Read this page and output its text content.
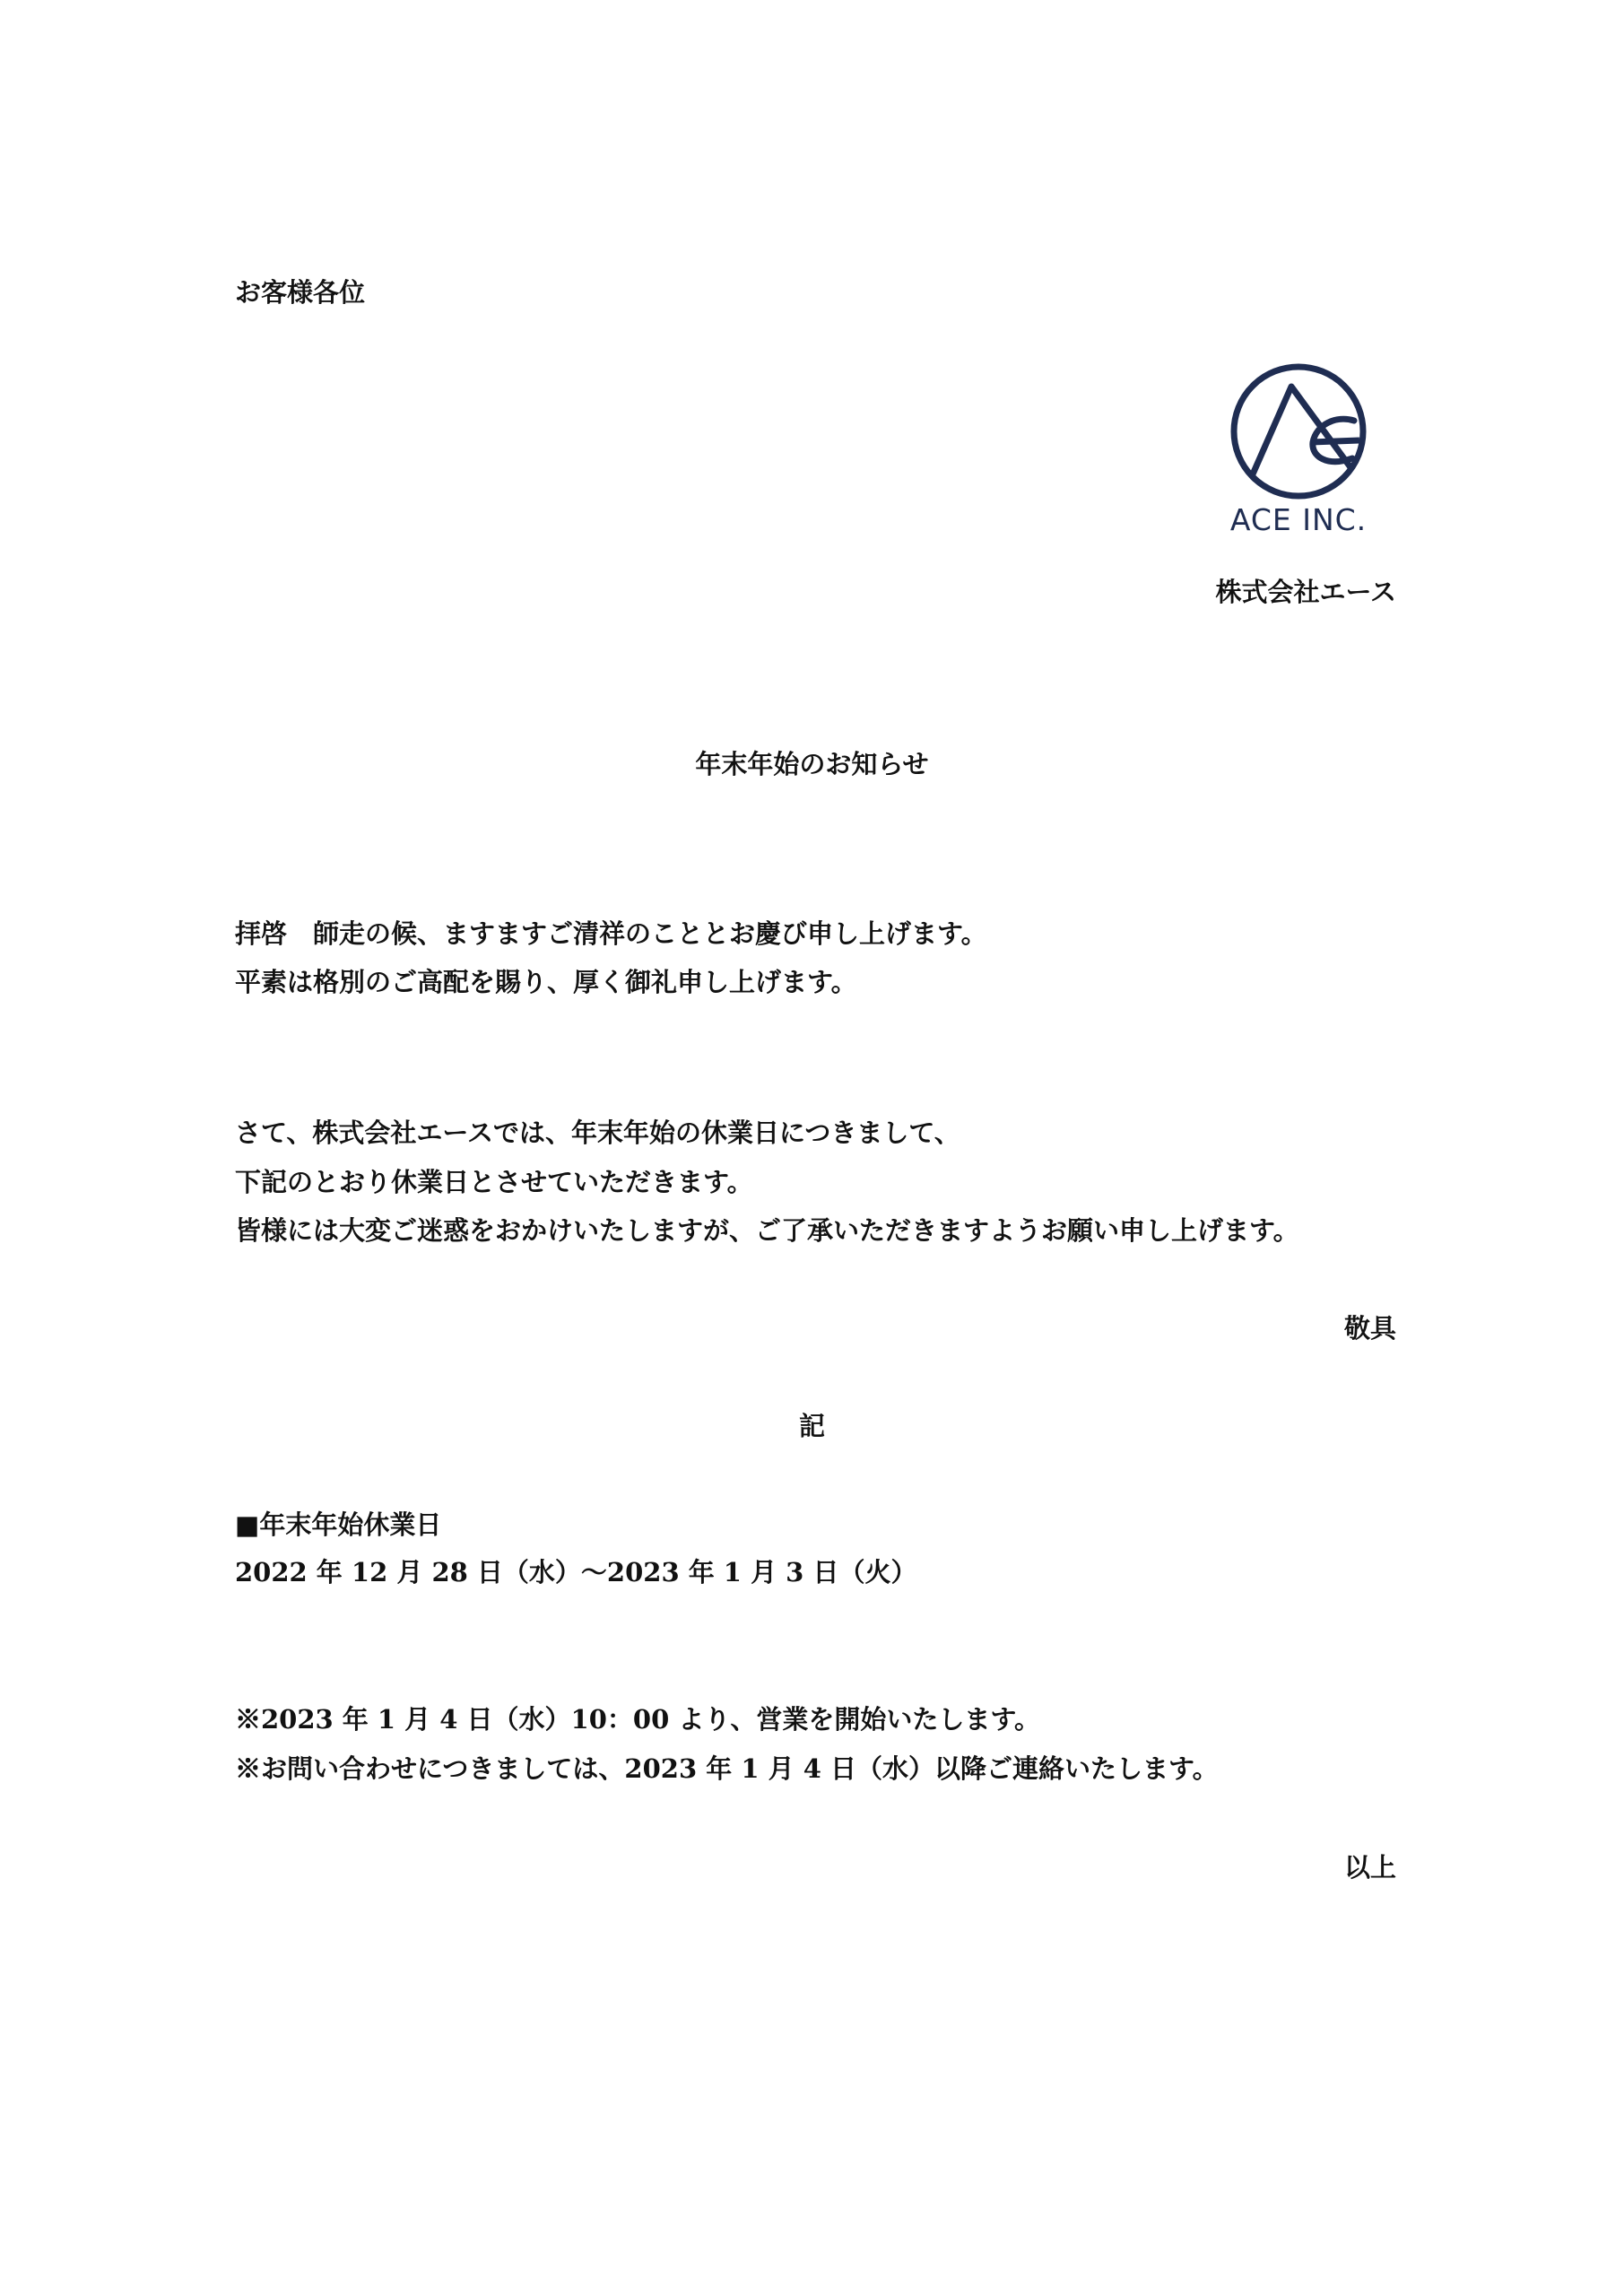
お客様各位

ACE INC.

株式会社エース

年末年始のお知らせ

拝啓　師走の候、ますますご清祥のこととお慶び申し上げます。

平素は格別のご高配を賜り、厚く御礼申し上げます。

さて、株式会社エースでは、年末年始の休業日につきまして、

下記のとおり休業日とさせていただきます。

皆様には大変ご迷惑をおかけいたしますが、ご了承いただきますようお願い申し上げます。

敬具

記

■年末年始休業日

2022 年 12 月 28 日（水）～2023 年 1 月 3 日（火）

※2023 年 1 月 4 日（水）10：00 より、営業を開始いたします。

※お問い合わせにつきましては、2023 年 1 月 4 日（水）以降ご連絡いたします。

以上
